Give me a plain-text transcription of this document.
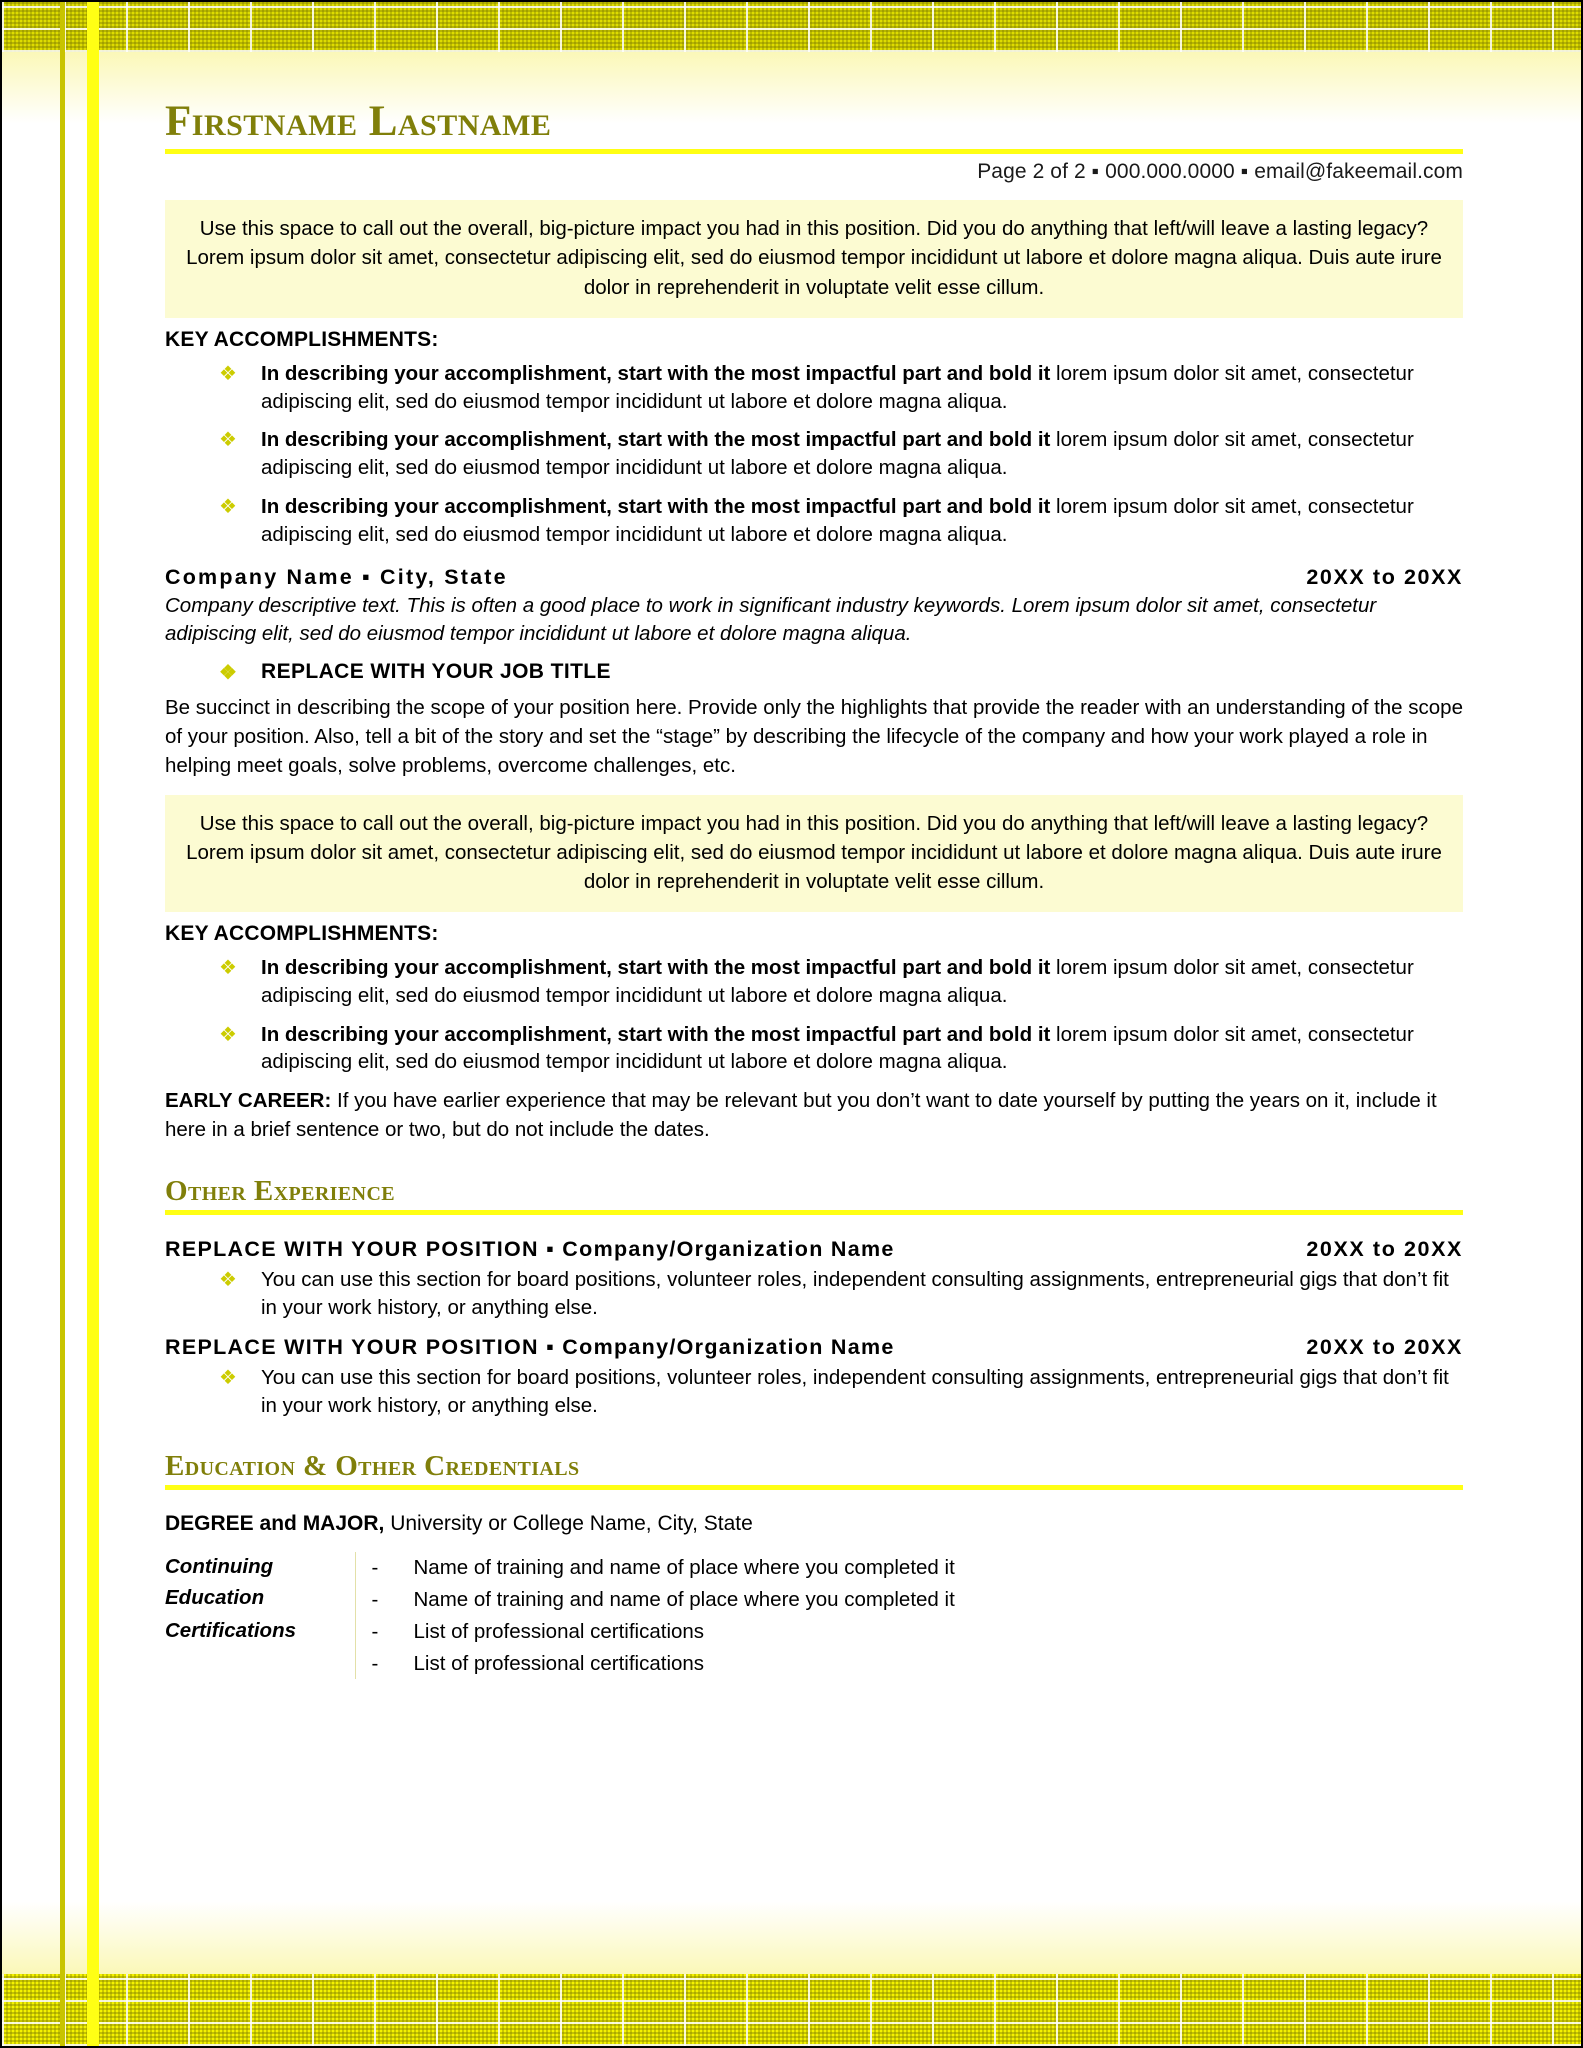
Firstname Lastname
Page 2 of 2 ▪ 000.000.0000 ▪ email@fakeemail.com
Use this space to call out the overall, big-picture impact you had in this position. Did you do anything that left/will leave a lasting legacy? Lorem ipsum dolor sit amet, consectetur adipiscing elit, sed do eiusmod tempor incididunt ut labore et dolore magna aliqua. Duis aute irure dolor in reprehenderit in voluptate velit esse cillum.
KEY ACCOMPLISHMENTS:
❖ In describing your accomplishment, start with the most impactful part and bold it lorem ipsum dolor sit amet, consectetur adipiscing elit, sed do eiusmod tempor incididunt ut labore et dolore magna aliqua.
❖ In describing your accomplishment, start with the most impactful part and bold it lorem ipsum dolor sit amet, consectetur adipiscing elit, sed do eiusmod tempor incididunt ut labore et dolore magna aliqua.
❖ In describing your accomplishment, start with the most impactful part and bold it lorem ipsum dolor sit amet, consectetur adipiscing elit, sed do eiusmod tempor incididunt ut labore et dolore magna aliqua.
Company Name ▪ City, State	20XX to 20XX
Company descriptive text. This is often a good place to work in significant industry keywords. Lorem ipsum dolor sit amet, consectetur adipiscing elit, sed do eiusmod tempor incididunt ut labore et dolore magna aliqua.
❖ REPLACE WITH YOUR JOB TITLE
Be succinct in describing the scope of your position here. Provide only the highlights that provide the reader with an understanding of the scope of your position. Also, tell a bit of the story and set the “stage” by describing the lifecycle of the company and how your work played a role in helping meet goals, solve problems, overcome challenges, etc.
Use this space to call out the overall, big-picture impact you had in this position. Did you do anything that left/will leave a lasting legacy? Lorem ipsum dolor sit amet, consectetur adipiscing elit, sed do eiusmod tempor incididunt ut labore et dolore magna aliqua. Duis aute irure dolor in reprehenderit in voluptate velit esse cillum.
KEY ACCOMPLISHMENTS:
❖ In describing your accomplishment, start with the most impactful part and bold it lorem ipsum dolor sit amet, consectetur adipiscing elit, sed do eiusmod tempor incididunt ut labore et dolore magna aliqua.
❖ In describing your accomplishment, start with the most impactful part and bold it lorem ipsum dolor sit amet, consectetur adipiscing elit, sed do eiusmod tempor incididunt ut labore et dolore magna aliqua.
EARLY CAREER: If you have earlier experience that may be relevant but you don’t want to date yourself by putting the years on it, include it here in a brief sentence or two, but do not include the dates.
Other Experience
REPLACE WITH YOUR POSITION ▪ Company/Organization Name	20XX to 20XX
❖ You can use this section for board positions, volunteer roles, independent consulting assignments, entrepreneurial gigs that don’t fit in your work history, or anything else.
REPLACE WITH YOUR POSITION ▪ Company/Organization Name	20XX to 20XX
❖ You can use this section for board positions, volunteer roles, independent consulting assignments, entrepreneurial gigs that don’t fit in your work history, or anything else.
Education & Other Credentials
DEGREE and MAJOR, University or College Name, City, State
Continuing Education	- Name of training and name of place where you completed it
- Name of training and name of place where you completed it

Certifications	- List of professional certifications
- List of professional certifications
